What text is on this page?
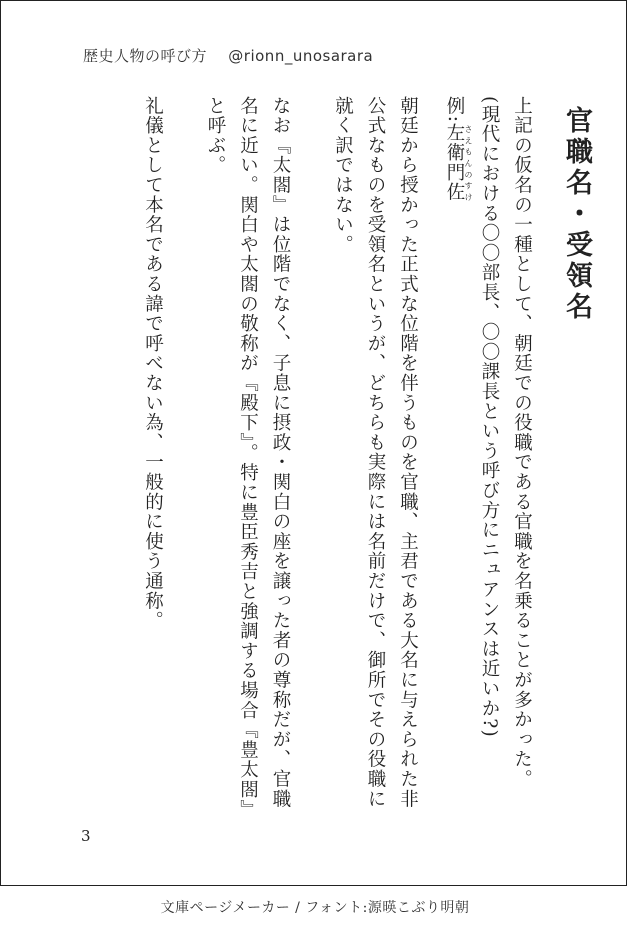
歴史人物の呼び方 @rionn_unosarara
官職名・受領名
上記の仮名の一種として、朝廷での役職である官職を名乗ることが多かった。
(現代における〇〇部長、〇〇課長という呼び方にニュアンスは近いか?)
例:左衛門佐 さえもんのすけ
朝廷から授かった正式な位階を伴うものを官職、主君である大名に与えられた非公式なものを受領名というが、どちらも実際には名前だけで、御所でその役職に就く訳ではない。
なお『太閤』は位階でなく、子息に摂政・関白の座を譲った者の尊称だが、官職名に近い。関白や太閤の敬称が『殿下』。特に豊臣秀吉と強調する場合『豊太閤』と呼ぶ。
礼儀として本名である諱で呼べない為、一般的に使う通称。
3
文庫ページメーカー / フォント:源暎こぶり明朝
